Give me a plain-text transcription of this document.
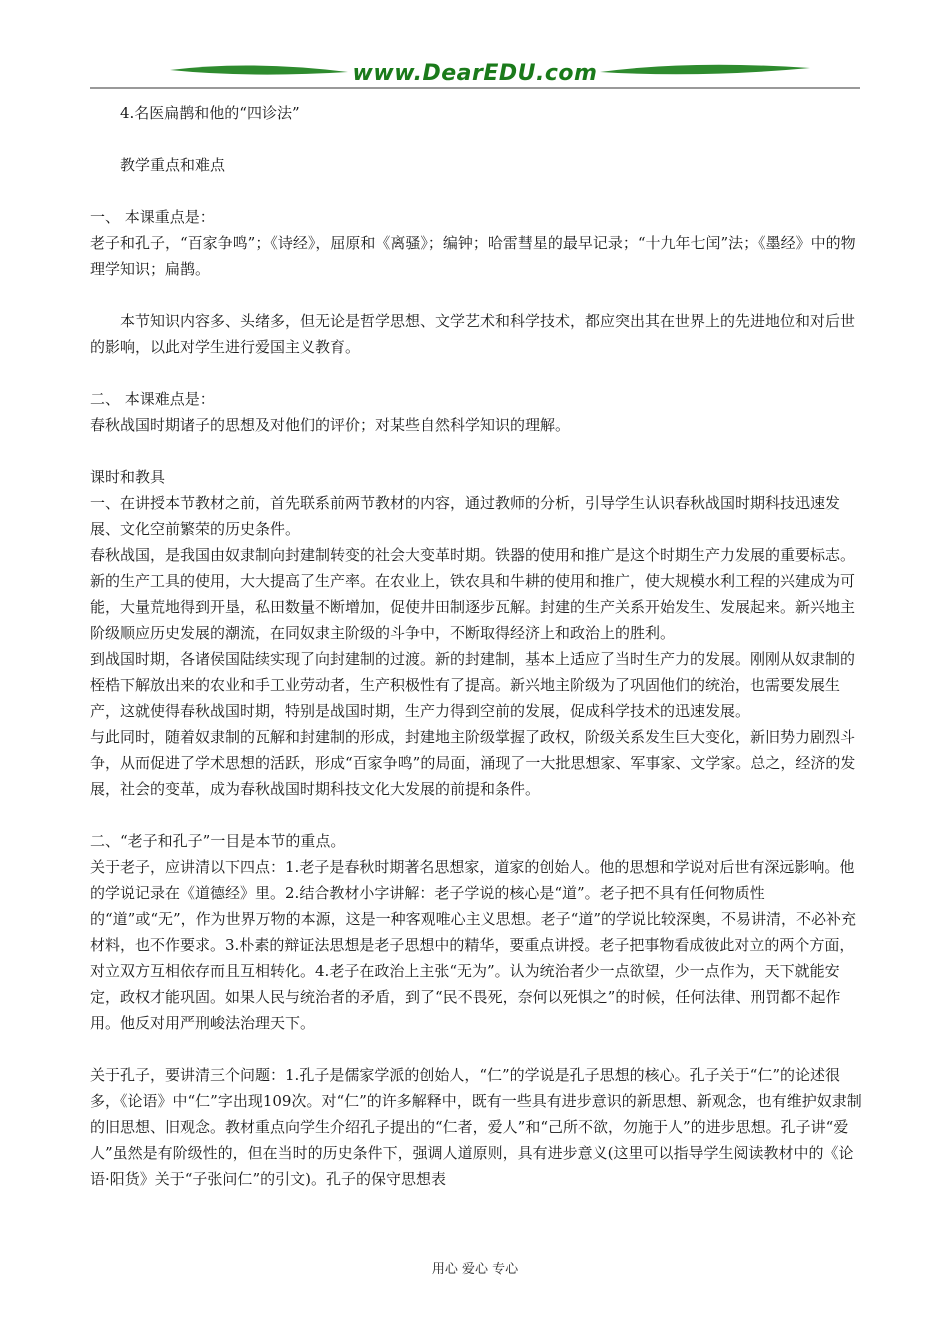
www.DearEDU.com

4.名医扁鹊和他的“四诊法”

教学重点和难点

一、 本课重点是：

老子和孔子，“百家争鸣”；《诗经》，屈原和《离骚》；编钟；哈雷彗星的最早记录；“十九年七闰”法；《墨经》中的物理学知识；扁鹊。

本节知识内容多、头绪多，但无论是哲学思想、文学艺术和科学技术，都应突出其在世界上的先进地位和对后世的影响，以此对学生进行爱国主义教育。

二、 本课难点是：

春秋战国时期诸子的思想及对他们的评价；对某些自然科学知识的理解。

课时和教具

一、在讲授本节教材之前，首先联系前两节教材的内容，通过教师的分析，引导学生认识春秋战国时期科技迅速发展、文化空前繁荣的历史条件。

春秋战国，是我国由奴隶制向封建制转变的社会大变革时期。铁器的使用和推广是这个时期生产力发展的重要标志。新的生产工具的使用，大大提高了生产率。在农业上，铁农具和牛耕的使用和推广，使大规模水利工程的兴建成为可能，大量荒地得到开垦，私田数量不断增加，促使井田制逐步瓦解。封建的生产关系开始发生、发展起来。新兴地主阶级顺应历史发展的潮流，在同奴隶主阶级的斗争中，不断取得经济上和政治上的胜利。

到战国时期，各诸侯国陆续实现了向封建制的过渡。新的封建制，基本上适应了当时生产力的发展。刚刚从奴隶制的桎梏下解放出来的农业和手工业劳动者，生产积极性有了提高。新兴地主阶级为了巩固他们的统治，也需要发展生产，这就使得春秋战国时期，特别是战国时期，生产力得到空前的发展，促成科学技术的迅速发展。

与此同时，随着奴隶制的瓦解和封建制的形成，封建地主阶级掌握了政权，阶级关系发生巨大变化，新旧势力剧烈斗争，从而促进了学术思想的活跃，形成“百家争鸣”的局面，涌现了一大批思想家、军事家、文学家。总之，经济的发展，社会的变革，成为春秋战国时期科技文化大发展的前提和条件。

二、“老子和孔子”一目是本节的重点。

关于老子，应讲清以下四点：1.老子是春秋时期著名思想家，道家的创始人。他的思想和学说对后世有深远影响。他的学说记录在《道德经》里。2.结合教材小字讲解：老子学说的核心是“道”。老子把不具有任何物质性的“道”或“无”，作为世界万物的本源，这是一种客观唯心主义思想。老子“道”的学说比较深奥，不易讲清，不必补充材料，也不作要求。3.朴素的辩证法思想是老子思想中的精华，要重点讲授。老子把事物看成彼此对立的两个方面，对立双方互相依存而且互相转化。4.老子在政治上主张“无为”。认为统治者少一点欲望，少一点作为，天下就能安定，政权才能巩固。如果人民与统治者的矛盾，到了“民不畏死，奈何以死惧之”的时候，任何法律、刑罚都不起作用。他反对用严刑峻法治理天下。

关于孔子，要讲清三个问题：1.孔子是儒家学派的创始人，“仁”的学说是孔子思想的核心。孔子关于“仁”的论述很多，《论语》中“仁”字出现109次。对“仁”的许多解释中，既有一些具有进步意识的新思想、新观念，也有维护奴隶制的旧思想、旧观念。教材重点向学生介绍孔子提出的“仁者，爱人”和“己所不欲，勿施于人”的进步思想。孔子讲“爱人”虽然是有阶级性的，但在当时的历史条件下，强调人道原则，具有进步意义(这里可以指导学生阅读教材中的《论语·阳货》关于“子张问仁”的引文)。孔子的保守思想表

用心 爱心 专心
